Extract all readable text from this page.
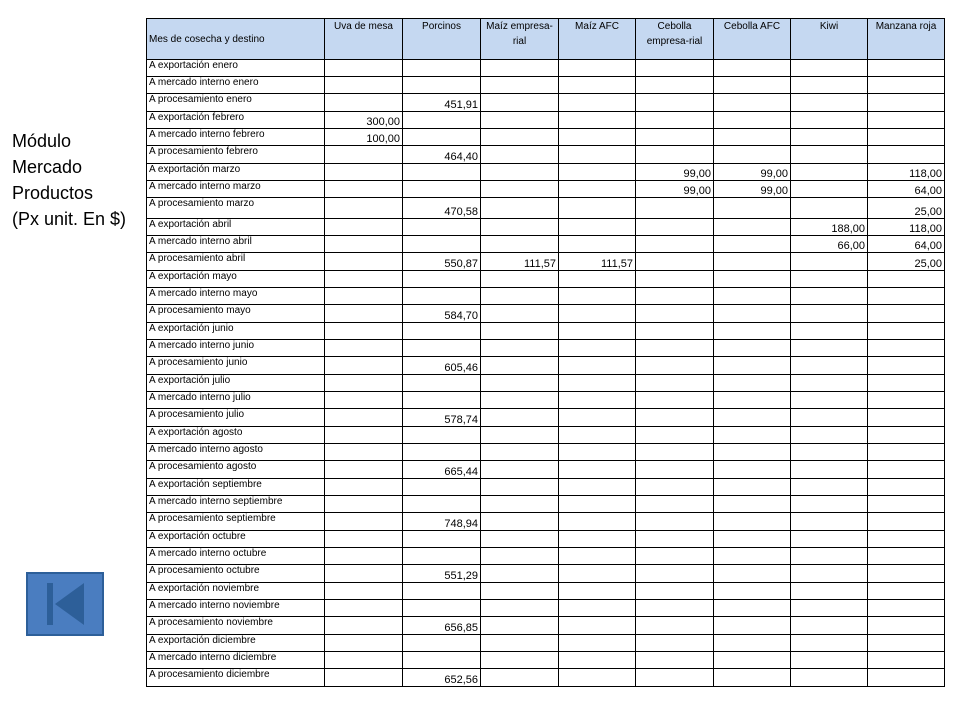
Módulo
Mercado
Productos
(Px unit. En $)
Mes de cosecha y destino	Uva de mesa	Porcinos	Maíz empresa-rial	Maíz AFC	Cebolla empresa-rial	Cebolla AFC	Kiwi	Manzana roja
A exportación enero								
A mercado interno enero								
A procesamiento enero		451,91						
A exportación febrero	300,00							
A mercado interno febrero	100,00							
A procesamiento febrero		464,40						
A exportación marzo					99,00	99,00		118,00
A mercado interno marzo					99,00	99,00		64,00
A procesamiento marzo		470,58						25,00
A exportación abril							188,00	118,00
A mercado interno abril							66,00	64,00
A procesamiento abril		550,87	111,57	111,57				25,00
A exportación mayo								
A mercado interno mayo								
A procesamiento mayo		584,70						
A exportación junio								
A mercado interno junio								
A procesamiento junio		605,46						
A exportación julio								
A mercado interno julio								
A procesamiento julio		578,74						
A exportación agosto								
A mercado interno agosto								
A procesamiento agosto		665,44						
A exportación septiembre								
A mercado interno septiembre								
A procesamiento septiembre		748,94						
A exportación octubre								
A mercado interno octubre								
A procesamiento octubre		551,29						
A exportación noviembre								
A mercado interno noviembre								
A procesamiento noviembre		656,85						
A exportación diciembre								
A mercado interno diciembre								
A procesamiento diciembre		652,56						
